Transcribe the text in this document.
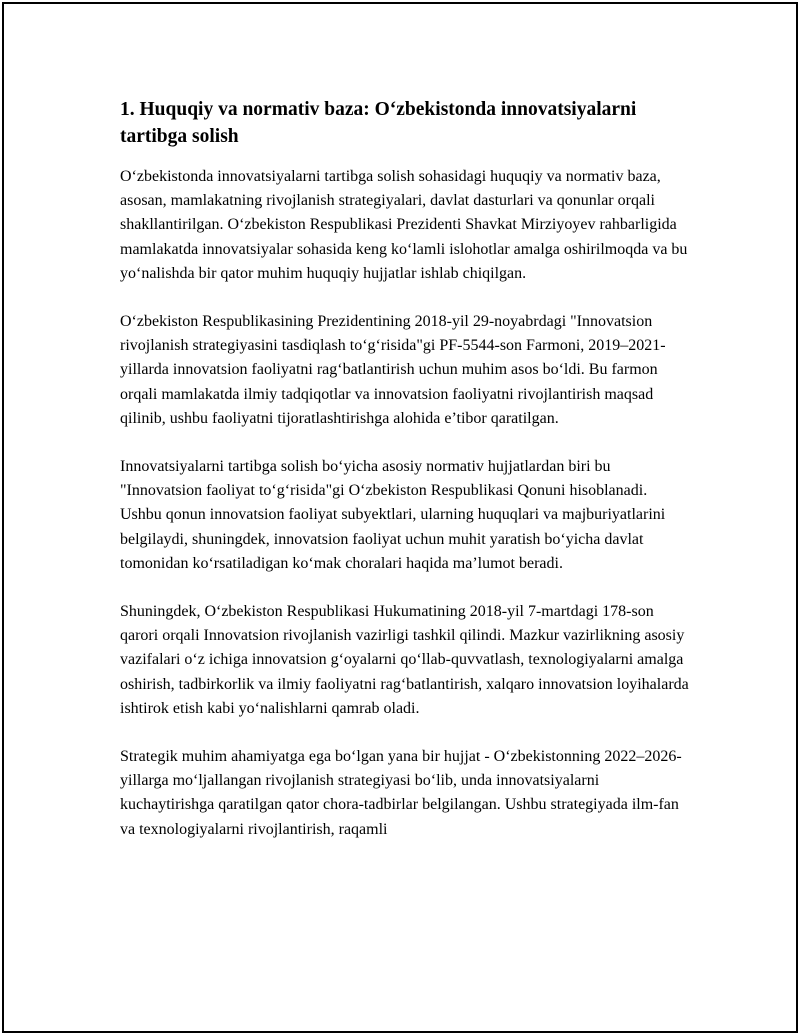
1. Huquqiy va normativ baza: O‘zbekistonda innovatsiyalarni tartibga solish

O‘zbekistonda innovatsiyalarni tartibga solish sohasidagi huquqiy va normativ baza, asosan, mamlakatning rivojlanish strategiyalari, davlat dasturlari va qonunlar orqali shakllantirilgan. O‘zbekiston Respublikasi Prezidenti Shavkat Mirziyoyev rahbarligida mamlakatda innovatsiyalar sohasida keng ko‘lamli islohotlar amalga oshirilmoqda va bu yo‘nalishda bir qator muhim huquqiy hujjatlar ishlab chiqilgan.

O‘zbekiston Respublikasining Prezidentining 2018-yil 29-noyabrdagi "Innovatsion rivojlanish strategiyasini tasdiqlash to‘g‘risida"gi PF-5544-son Farmoni, 2019–2021-yillarda innovatsion faoliyatni rag‘batlantirish uchun muhim asos bo‘ldi. Bu farmon orqali mamlakatda ilmiy tadqiqotlar va innovatsion faoliyatni rivojlantirish maqsad qilinib, ushbu faoliyatni tijoratlashtirishga alohida e’tibor qaratilgan.

Innovatsiyalarni tartibga solish bo‘yicha asosiy normativ hujjatlardan biri bu "Innovatsion faoliyat to‘g‘risida"gi O‘zbekiston Respublikasi Qonuni hisoblanadi. Ushbu qonun innovatsion faoliyat subyektlari, ularning huquqlari va majburiyatlarini belgilaydi, shuningdek, innovatsion faoliyat uchun muhit yaratish bo‘yicha davlat tomonidan ko‘rsatiladigan ko‘mak choralari haqida ma’lumot beradi.

Shuningdek, O‘zbekiston Respublikasi Hukumatining 2018-yil 7-martdagi 178-son qarori orqali Innovatsion rivojlanish vazirligi tashkil qilindi. Mazkur vazirlikning asosiy vazifalari o‘z ichiga innovatsion g‘oyalarni qo‘llab-quvvatlash, texnologiyalarni amalga oshirish, tadbirkorlik va ilmiy faoliyatni rag‘batlantirish, xalqaro innovatsion loyihalarda ishtirok etish kabi yo‘nalishlarni qamrab oladi.

Strategik muhim ahamiyatga ega bo‘lgan yana bir hujjat - O‘zbekistonning 2022–2026-yillarga mo‘ljallangan rivojlanish strategiyasi bo‘lib, unda innovatsiyalarni kuchaytirishga qaratilgan qator chora-tadbirlar belgilangan. Ushbu strategiyada ilm-fan va texnologiyalarni rivojlantirish, raqamli
